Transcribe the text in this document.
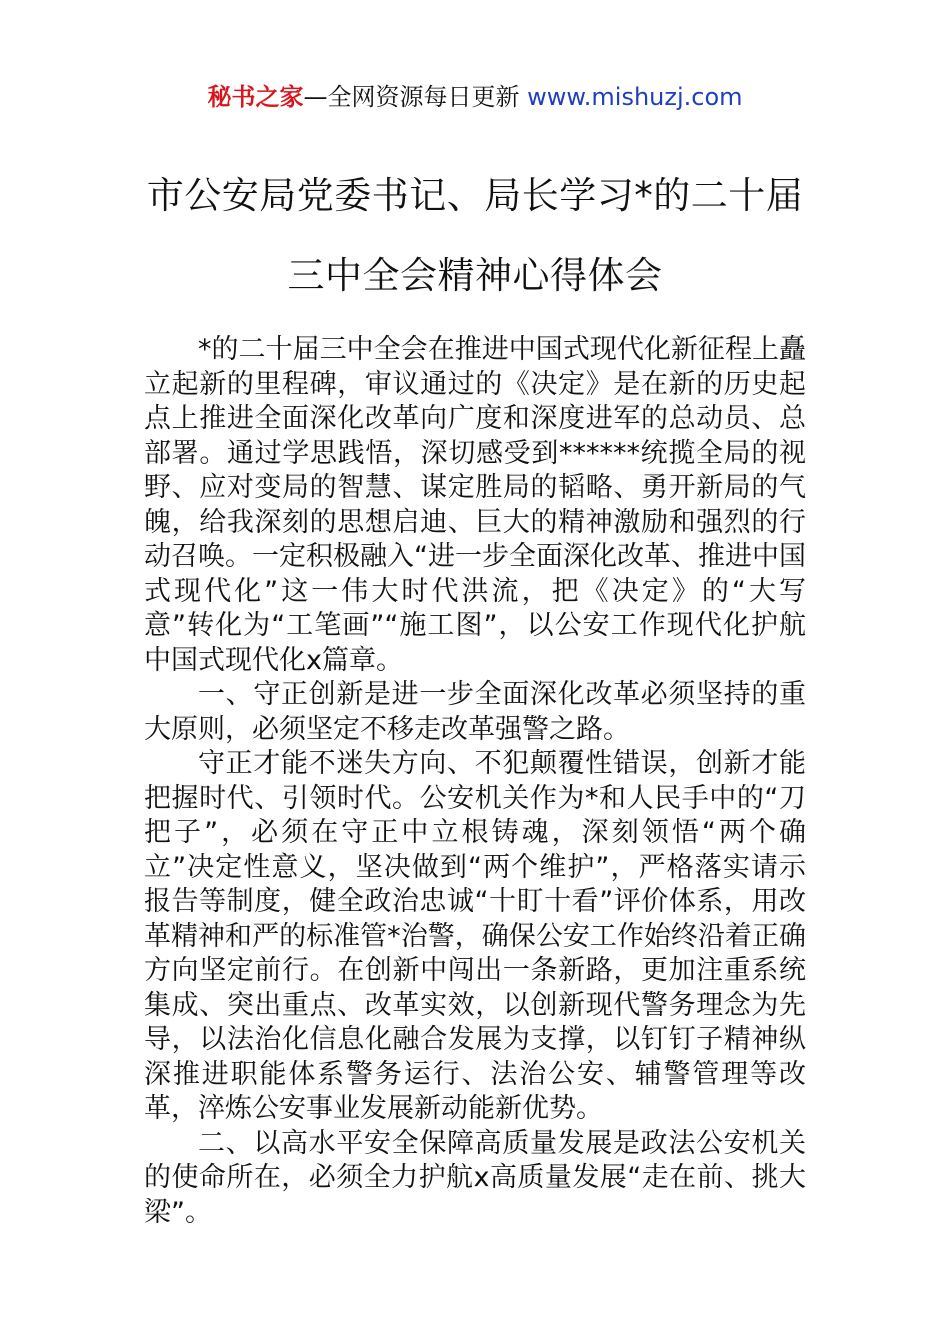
秘书之家—全网资源每日更新 www.mishuzj.com
市公安局党委书记、局长学习*的二十届
三中全会精神心得体会

*的二十届三中全会在推进中国式现代化新征程上矗立起新的里程碑，审议通过的《决定》是在新的历史起点上推进全面深化改革向广度和深度进军的总动员、总部署。通过学思践悟，深切感受到******统揽全局的视野、应对变局的智慧、谋定胜局的韬略、勇开新局的气魄，给我深刻的思想启迪、巨大的精神激励和强烈的行动召唤。一定积极融入“进一步全面深化改革、推进中国式现代化”这一伟大时代洪流，把《决定》的“大写意”转化为“工笔画”“施工图”，以公安工作现代化护航中国式现代化x篇章。

一、守正创新是进一步全面深化改革必须坚持的重大原则，必须坚定不移走改革强警之路。

守正才能不迷失方向、不犯颠覆性错误，创新才能把握时代、引领时代。公安机关作为*和人民手中的“刀把子”，必须在守正中立根铸魂，深刻领悟“两个确立”决定性意义，坚决做到“两个维护”，严格落实请示报告等制度，健全政治忠诚“十盯十看”评价体系，用改革精神和严的标准管*治警，确保公安工作始终沿着正确方向坚定前行。在创新中闯出一条新路，更加注重系统集成、突出重点、改革实效，以创新现代警务理念为先导，以法治化信息化融合发展为支撑，以钉钉子精神纵深推进职能体系警务运行、法治公安、辅警管理等改革，淬炼公安事业发展新动能新优势。

二、以高水平安全保障高质量发展是政法公安机关的使命所在，必须全力护航x高质量发展“走在前、挑大梁”。
